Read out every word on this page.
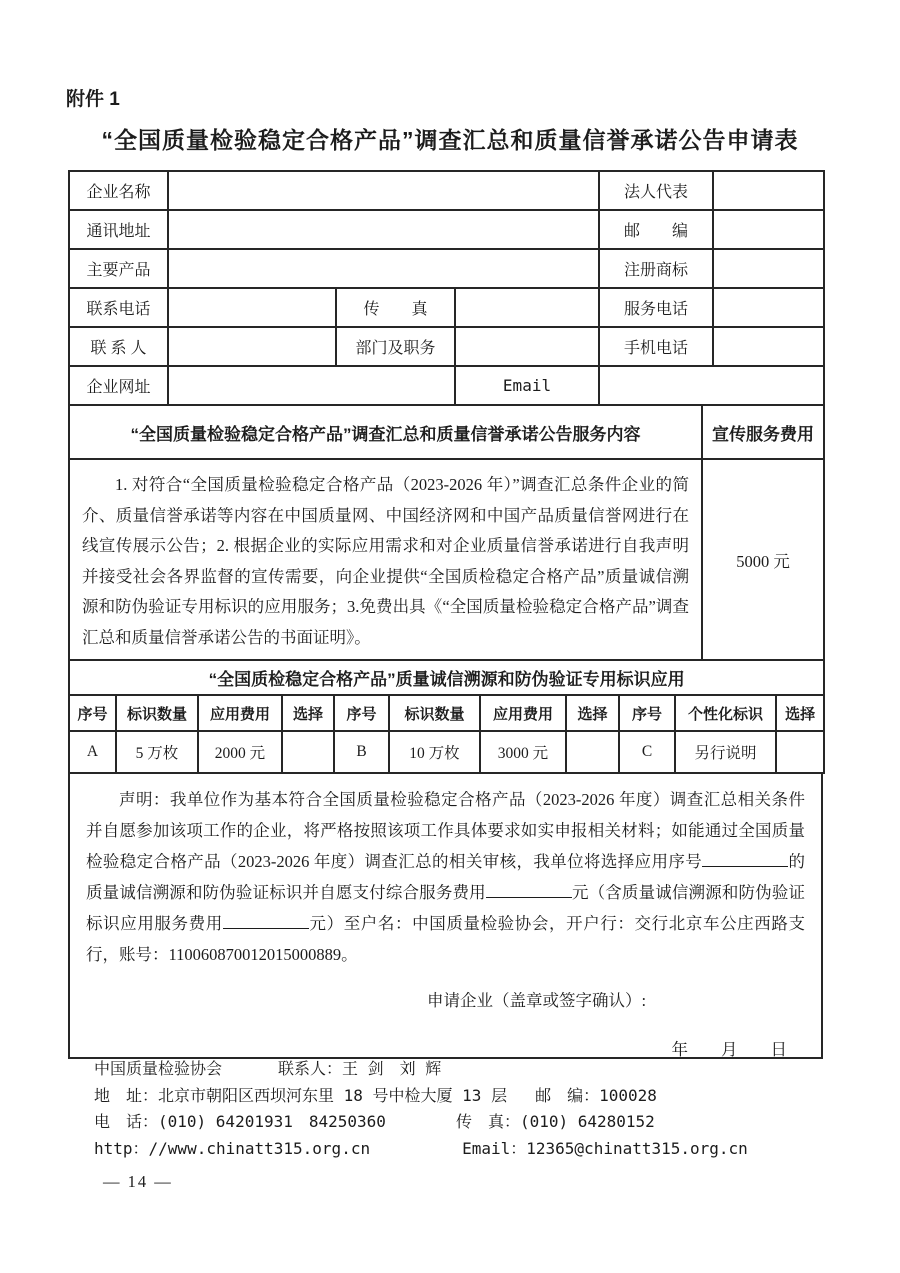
附件 1
“全国质量检验稳定合格产品”调查汇总和质量信誉承诺公告申请表
企业名称				法人代表	
通讯地址				邮　　编	
主要产品				注册商标	
联系电话		传　　真		服务电话	
联 系 人		部门及职务		手机电话	
企业网址			Email		
“全国质量检验稳定合格产品”调查汇总和质量信誉承诺公告服务内容	宣传服务费用

1. 对符合“全国质量检验稳定合格产品（2023-2026 年）”调查汇总条件企业的简介、质量信誉承诺等内容在中国质量网、中国经济网和中国产品质量信誉网进行在线宣传展示公告；2. 根据企业的实际应用需求和对企业质量信誉承诺进行自我声明并接受社会各界监督的宣传需要，向企业提供“全国质检稳定合格产品”质量诚信溯源和防伪验证专用标识的应用服务；3.免费出具《“全国质量检验稳定合格产品”调查汇总和质量信誉承诺公告的书面证明》。	5000 元
“全国质检稳定合格产品”质量诚信溯源和防伪验证专用标识应用										
序号	标识数量	应用费用	选择	序号	标识数量	应用费用	选择	序号	个性化标识	选择
A	5 万枚	2000 元		B	10 万枚	3000 元		C	另行说明	

声明：我单位作为基本符合全国质量检验稳定合格产品（2023-2026 年度）调查汇总相关条件并自愿参加该项工作的企业，将严格按照该项工作具体要求如实申报相关材料；如能通过全国质量检验稳定合格产品（2023-2026 年度）调查汇总的相关审核，我单位将选择应用序号	的质量诚信溯源和防伪验证标识并自愿支付综合服务费用	元（含质量诚信溯源和防伪验证标识应用服务费用	元）至户名：中国质量检验协会，开户行：交行北京车公庄西路支行，账号：110060870012015000889。

申请企业（盖章或签字确认）:
年　　月　　日
中国质量检验协会	联系人：王 剑　刘 辉
地　址：北京市朝阳区西坝河东里 18 号中检大厦 13 层 邮　编：100028
电　话：(010) 64201931　84250360	传　真：(010) 64280152
http：//www.chinatt315.org.cn	Email：12365@chinatt315.org.cn
— 14 —
